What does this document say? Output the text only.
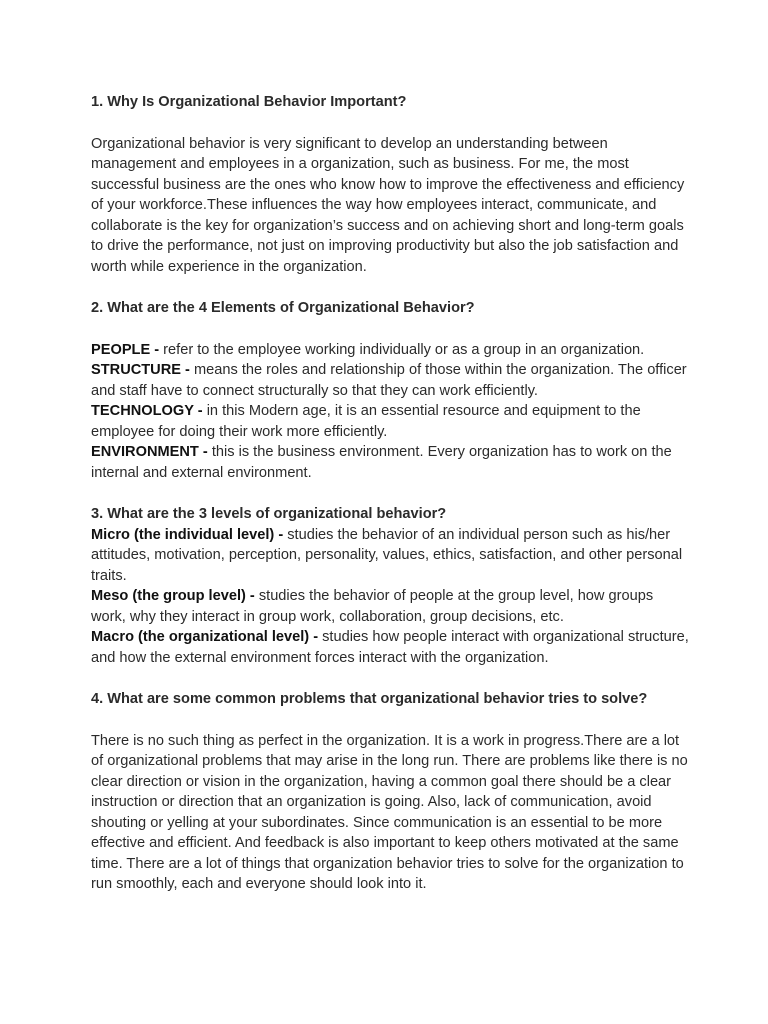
1. Why Is Organizational Behavior Important?

Organizational behavior is very significant to develop an understanding between management and employees in a organization, such as business. For me, the most successful business are the ones who know how to improve the effectiveness and efficiency of your workforce.These influences the way how employees interact, communicate, and collaborate is the key for organization’s success and on achieving short and long-term goals to drive the performance, not just on improving productivity but also the job satisfaction and worth while experience in the organization.

2. What are the 4 Elements of Organizational Behavior?

PEOPLE - refer to the employee working individually or as a group in an organization.

STRUCTURE - means the roles and relationship of those within the organization. The officer and staff have to connect structurally so that they can work efficiently.

TECHNOLOGY - in this Modern age, it is an essential resource and equipment to the employee for doing their work more efficiently.

ENVIRONMENT - this is the business environment. Every organization has to work on the internal and external environment.

3. What are the 3 levels of organizational behavior?

Micro (the individual level) - studies the behavior of an individual person such as his/her attitudes, motivation, perception, personality, values, ethics, satisfaction, and other personal traits.

Meso (the group level) - studies the behavior of people at the group level, how groups work, why they interact in group work, collaboration, group decisions, etc.

Macro (the organizational level) - studies how people interact with organizational structure, and how the external environment forces interact with the organization.

4. What are some common problems that organizational behavior tries to solve?

There is no such thing as perfect in the organization. It is a work in progress.There are a lot of organizational problems that may arise in the long run. There are problems like there is no clear direction or vision in the organization, having a common goal there should be a clear instruction or direction that an organization is going. Also, lack of communication, avoid shouting or yelling at your subordinates. Since communication is an essential to be more effective and efficient. And feedback is also important to keep others motivated at the same time. There are a lot of things that organization behavior tries to solve for the organization to run smoothly, each and everyone should look into it.
